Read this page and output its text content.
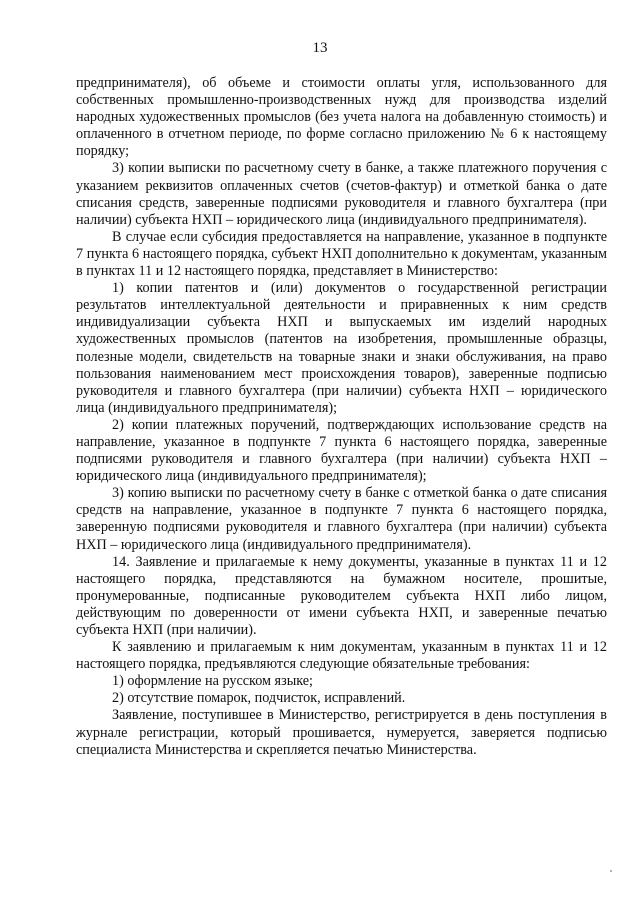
13

предпринимателя), об объеме и стоимости оплаты угля, использованного для собственных промышленно-производственных нужд для производства изделий народных художественных промыслов (без учета налога на добавленную стоимость) и оплаченного в отчетном периоде, по форме согласно приложению № 6 к настоящему порядку;

3) копии выписки по расчетному счету в банке, а также платежного поручения с указанием реквизитов оплаченных счетов (счетов-фактур) и отметкой банка о дате списания средств, заверенные подписями руководителя и главного бухгалтера (при наличии) субъекта НХП – юридического лица (индивидуального предпринимателя).

В случае если субсидия предоставляется на направление, указанное в подпункте 7 пункта 6 настоящего порядка, субъект НХП дополнительно к документам, указанным в пунктах 11 и 12 настоящего порядка, представляет в Министерство:

1) копии патентов и (или) документов о государственной регистрации результатов интеллектуальной деятельности и приравненных к ним средств индивидуализации субъекта НХП и выпускаемых им изделий народных художественных промыслов (патентов на изобретения, промышленные образцы, полезные модели, свидетельств на товарные знаки и знаки обслуживания, на право пользования наименованием мест происхождения товаров), заверенные подписью руководителя и главного бухгалтера (при наличии) субъекта НХП – юридического лица (индивидуального предпринимателя);

2) копии платежных поручений, подтверждающих использование средств на направление, указанное в подпункте 7 пункта 6 настоящего порядка, заверенные подписями руководителя и главного бухгалтера (при наличии) субъекта НХП – юридического лица (индивидуального предпринимателя);

3) копию выписки по расчетному счету в банке с отметкой банка о дате списания средств на направление, указанное в подпункте 7 пункта 6 настоящего порядка, заверенную подписями руководителя и главного бухгалтера (при наличии) субъекта НХП – юридического лица (индивидуального предпринимателя).

14. Заявление и прилагаемые к нему документы, указанные в пунктах 11 и 12 настоящего порядка, представляются на бумажном носителе, прошитые, пронумерованные, подписанные руководителем субъекта НХП либо лицом, действующим по доверенности от имени субъекта НХП, и заверенные печатью субъекта НХП (при наличии).

К заявлению и прилагаемым к ним документам, указанным в пунктах 11 и 12 настоящего порядка, предъявляются следующие обязательные требования:

1) оформление на русском языке;

2) отсутствие помарок, подчисток, исправлений.

Заявление, поступившее в Министерство, регистрируется в день поступления в журнале регистрации, который прошивается, нумеруется, заверяется подписью специалиста Министерства и скрепляется печатью Министерства.
